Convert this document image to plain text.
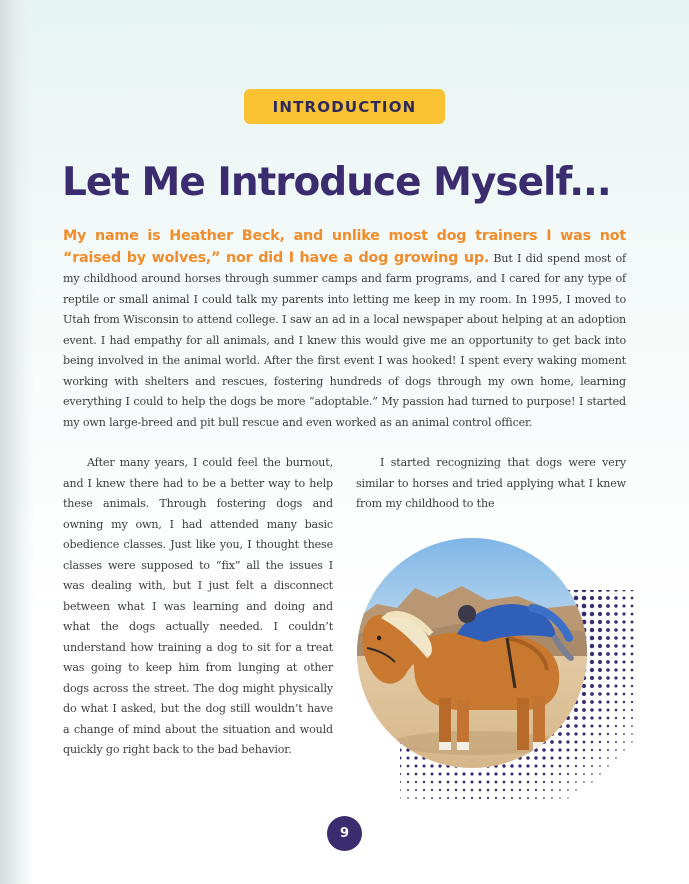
INTRODUCTION
Let Me Introduce Myself...

My name is Heather Beck, and unlike most dog trainers I was not “raised by wolves,” nor did I have a dog growing up. But I did spend most of my childhood around horses through summer camps and farm programs, and I cared for any type of reptile or small animal I could talk my parents into letting me keep in my room. In 1995, I moved to Utah from Wisconsin to attend college. I saw an ad in a local newspaper about helping at an adoption event. I had empathy for all animals, and I knew this would give me an opportunity to get back into being involved in the animal world. After the first event I was hooked! I spent every waking moment working with shelters and rescues, fostering hundreds of dogs through my own home, learning everything I could to help the dogs be more “adoptable.” My passion had turned to purpose! I started my own large-breed and pit bull rescue and even worked as an animal control officer.

After many years, I could feel the burnout, and I knew there had to be a better way to help these animals. Through fostering dogs and owning my own, I had attended many basic obedience classes. Just like you, I thought these classes were supposed to “fix” all the issues I was dealing with, but I just felt a disconnect between what I was learning and doing and what the dogs actually needed. I couldn’t understand how training a dog to sit for a treat was going to keep him from lunging at other dogs across the street. The dog might physically do what I asked, but the dog still wouldn’t have a change of mind about the situation and would quickly go right back to the bad behavior.

I started recognizing that dogs were very similar to horses and tried applying what I knew from my childhood to the

9
